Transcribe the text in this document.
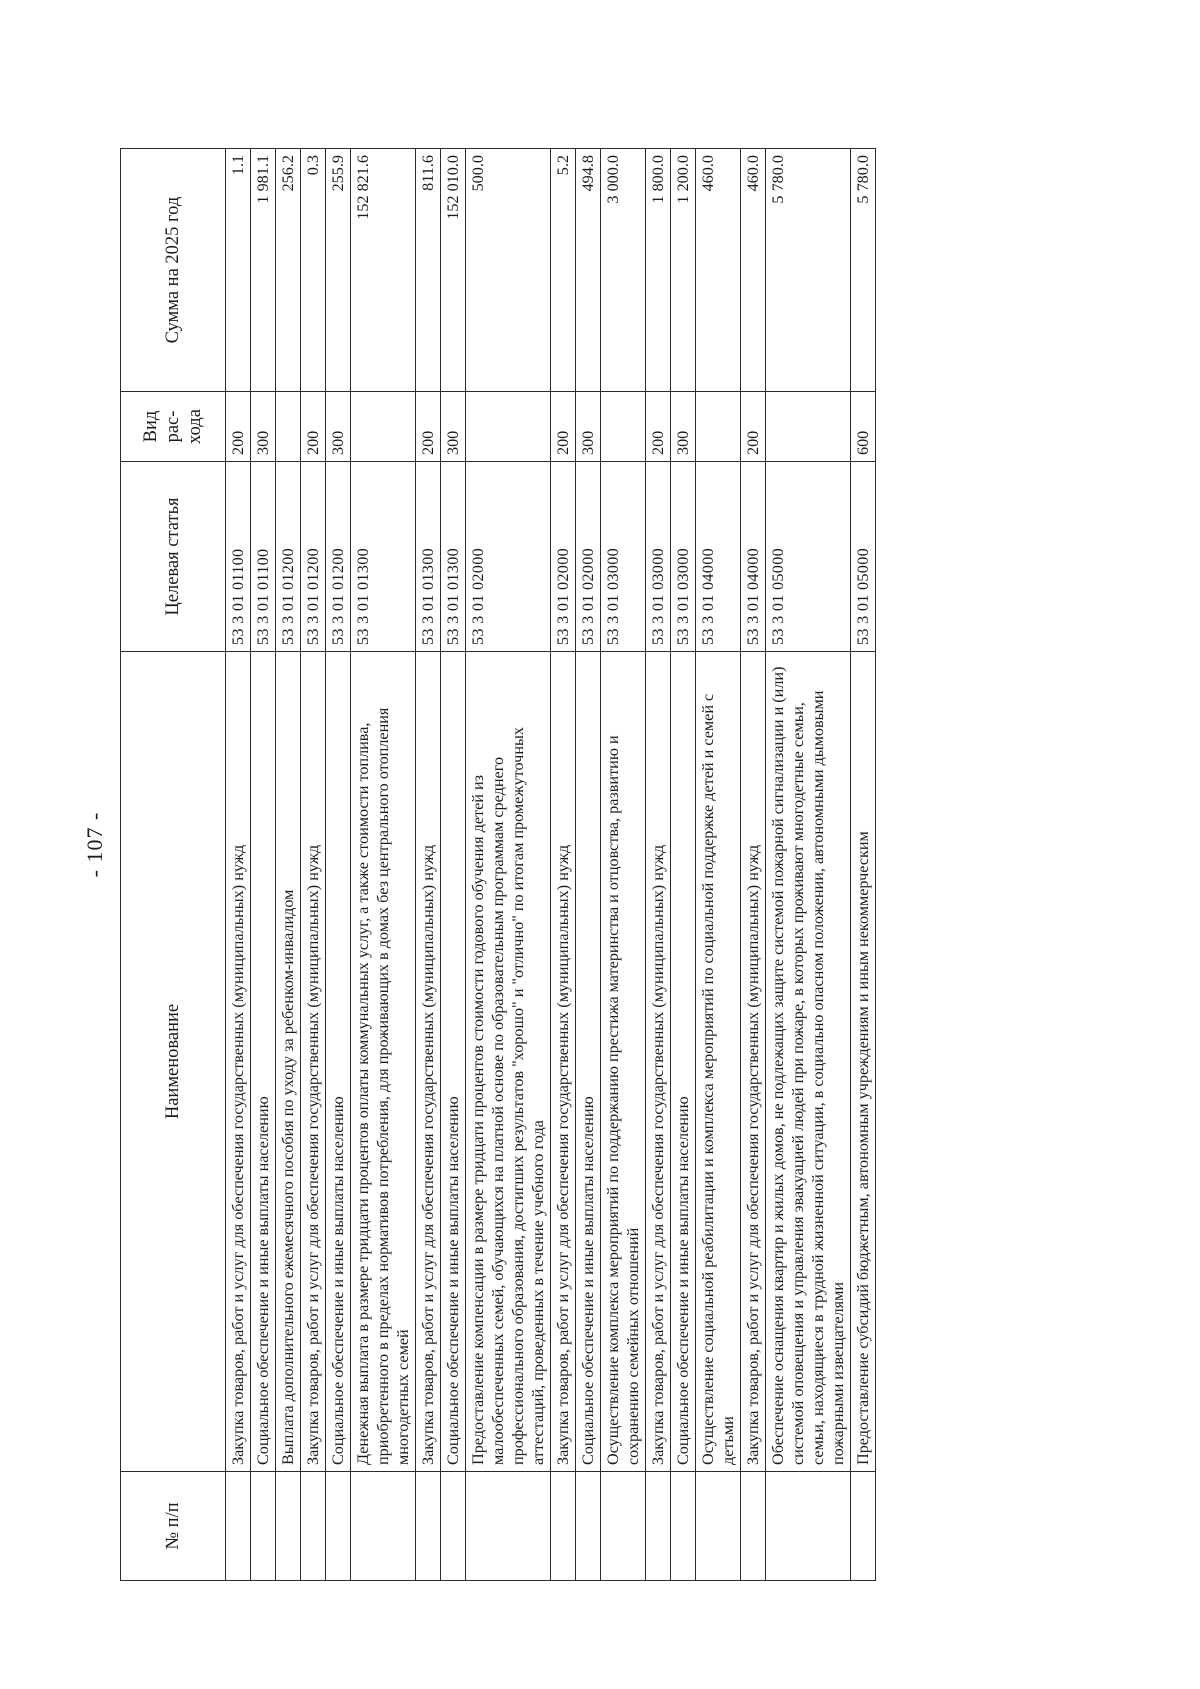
- 107 -
№ п/п	Наименование	Целевая статья	Вид рас- хода	Сумма на 2025 год
	Закупка товаров, работ и услуг для обеспечения государственных (муниципальных) нужд	53 3 01 01100	200	1.1
	Социальное обеспечение и иные выплаты населению	53 3 01 01100	300	1 981.1
	Выплата дополнительного ежемесячного пособия по уходу за ребенком-инвалидом	53 3 01 01200		256.2
	Закупка товаров, работ и услуг для обеспечения государственных (муниципальных) нужд	53 3 01 01200	200	0.3
	Социальное обеспечение и иные выплаты населению	53 3 01 01200	300	255.9
	Денежная выплата в размере тридцати процентов оплаты коммунальных услуг, а также стоимости топлива, приобретенного в пределах нормативов потребления, для проживающих в домах без центрального отопления многодетных семей	53 3 01 01300		152 821.6
	Закупка товаров, работ и услуг для обеспечения государственных (муниципальных) нужд	53 3 01 01300	200	811.6
	Социальное обеспечение и иные выплаты населению	53 3 01 01300	300	152 010.0
	Предоставление компенсации в размере тридцати процентов стоимости годового обучения детей из малообеспеченных семей, обучающихся на платной основе по образовательным программам среднего профессионального образования, достигших результатов "хорошо" и "отлично" по итогам промежуточных аттестаций, проведенных в течение учебного года	53 3 01 02000		500.0
	Закупка товаров, работ и услуг для обеспечения государственных (муниципальных) нужд	53 3 01 02000	200	5.2
	Социальное обеспечение и иные выплаты населению	53 3 01 02000	300	494.8
	Осуществление комплекса мероприятий по поддержанию престижа материнства и отцовства, развитию и сохранению семейных отношений	53 3 01 03000		3 000.0
	Закупка товаров, работ и услуг для обеспечения государственных (муниципальных) нужд	53 3 01 03000	200	1 800.0
	Социальное обеспечение и иные выплаты населению	53 3 01 03000	300	1 200.0
	Осуществление социальной реабилитации и комплекса мероприятий по социальной поддержке детей и семей с детьми	53 3 01 04000		460.0
	Закупка товаров, работ и услуг для обеспечения государственных (муниципальных) нужд	53 3 01 04000	200	460.0
	Обеспечение оснащения квартир и жилых домов, не подлежащих защите системой пожарной сигнализации и (или) системой оповещения и управления эвакуацией людей при пожаре, в которых проживают многодетные семьи, семьи, находящиеся в трудной жизненной ситуации, в социально опасном положении, автономными дымовыми пожарными извещателями	53 3 01 05000		5 780.0
	Предоставление субсидий бюджетным, автономным учреждениям и иным некоммерческим	53 3 01 05000	600	5 780.0
